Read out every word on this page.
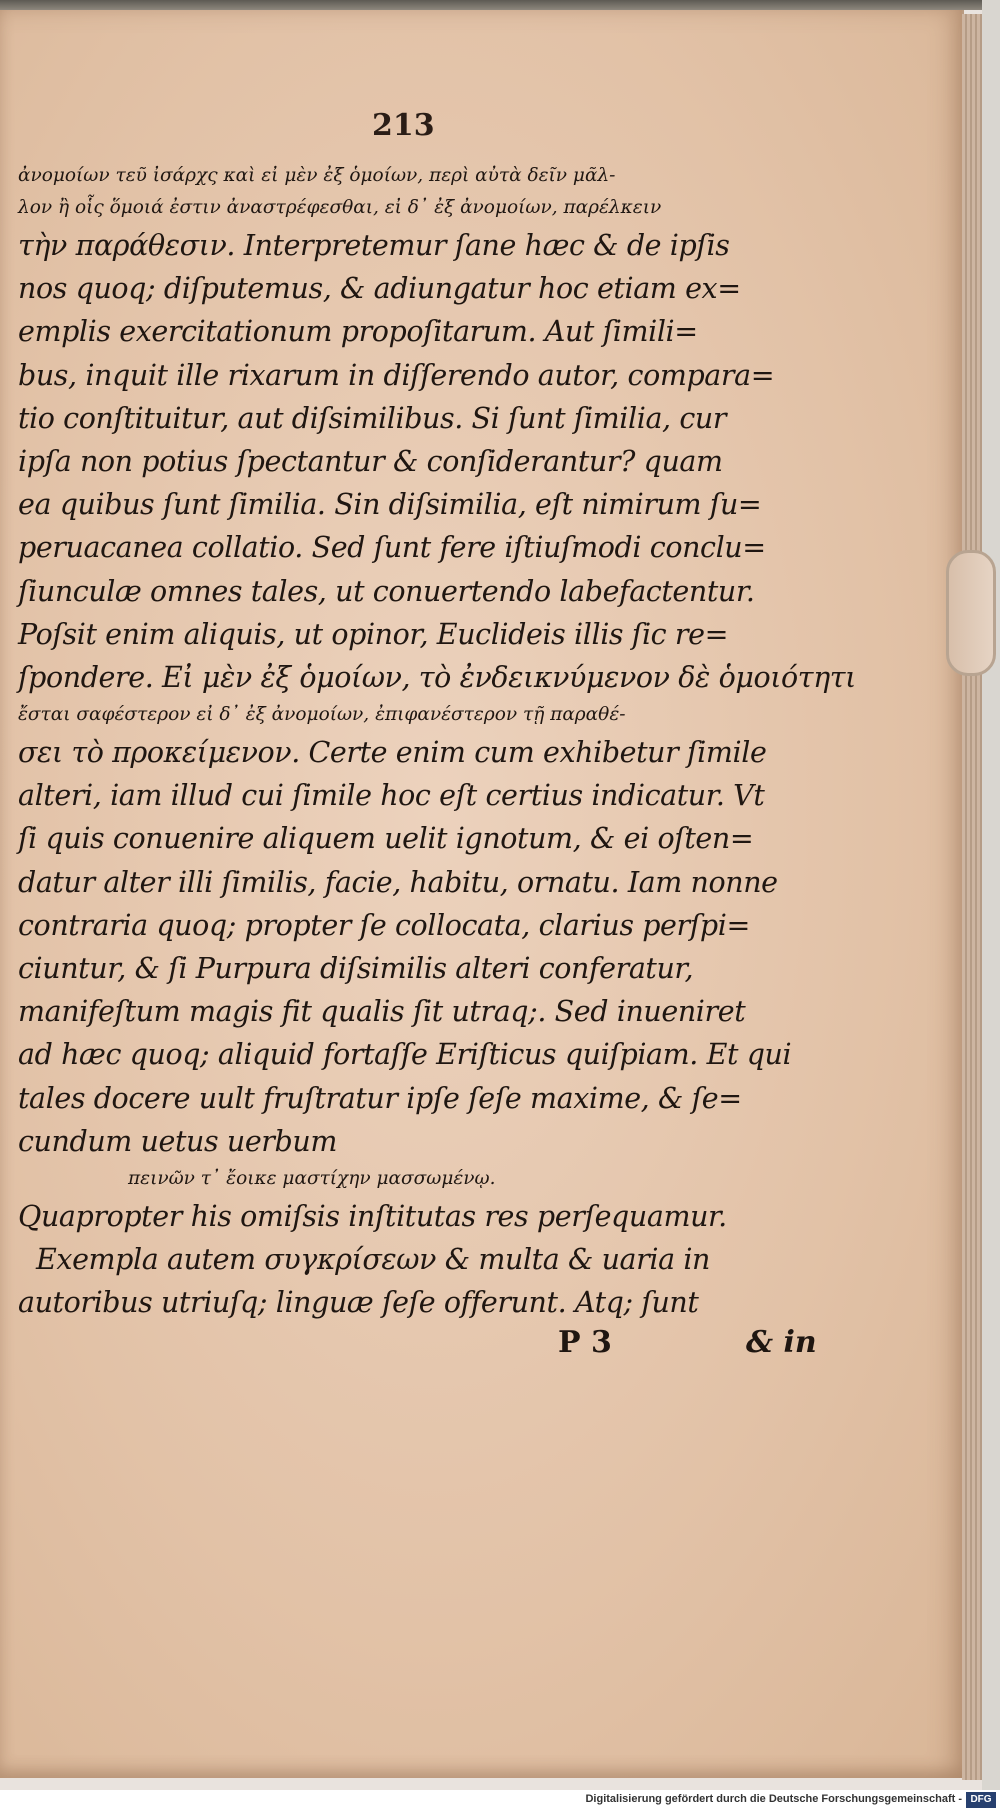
213
ἀνομοίων τεῦ ἰσάρχς καὶ εἰ μὲν ἐξ ὁμοίων, περὶ αὐτὰ δεῖν μᾶλ-
λον ἢ οἷς ὅμοιά ἐστιν ἀναστρέφεσθαι, εἰ δ᾽ ἐξ ἀνομοίων, παρέλκειν
τὴν παράθεσιν. Interpretemur ſane hæc & de ipſis
nos quoq; diſputemus, & adiungatur hoc etiam ex=
emplis exercitationum propoſitarum. Aut ſimili=
bus, inquit ille rixarum in diſſerendo autor, compara=
tio conſtituitur, aut diſsimilibus. Si ſunt ſimilia, cur
ipſa non potius ſpectantur & conſiderantur? quam
ea quibus ſunt ſimilia. Sin diſsimilia, eſt nimirum ſu=
peruacanea collatio. Sed ſunt fere iſtiuſmodi conclu=
ſiunculæ omnes tales, ut conuertendo labefactentur.
Poſsit enim aliquis, ut opinor, Euclideis illis ſic re=
ſpondere. Εἰ μὲν ἐξ ὁμοίων, τὸ ἐνδεικνύμενον δὲ ὁμοιότητι
ἔσται σαφέστερον εἰ δ᾽ ἐξ ἀνομοίων, ἐπιφανέστερον τῇ παραθέ-
σει τὸ προκείμενον. Certe enim cum exhibetur ſimile
alteri, iam illud cui ſimile hoc eſt certius indicatur. Vt
ſi quis conuenire aliquem uelit ignotum, & ei oſten=
datur alter illi ſimilis, facie, habitu, ornatu. Iam nonne
contraria quoq; propter ſe collocata, clarius perſpi=
ciuntur, & ſi Purpura diſsimilis alteri conferatur,
manifeſtum magis fit qualis ſit utraq;. Sed inueniret
ad hæc quoq; aliquid fortaſſe Eriſticus quiſpiam. Et qui
tales docere uult fruſtratur ipſe ſeſe maxime, & ſe=
cundum uetus uerbum
πεινῶν τ᾽ ἔοικε μαστίχην μασσωμένῳ.
Quapropter his omiſsis inſtitutas res perſequamur.
Exempla autem συγκρίσεων & multa & uaria in
autoribus utriuſq; linguæ ſeſe offerunt. Atq; ſunt
P 3	& in
Digitalisierung gefördert durch die Deutsche Forschungsgemeinschaft - DFG
